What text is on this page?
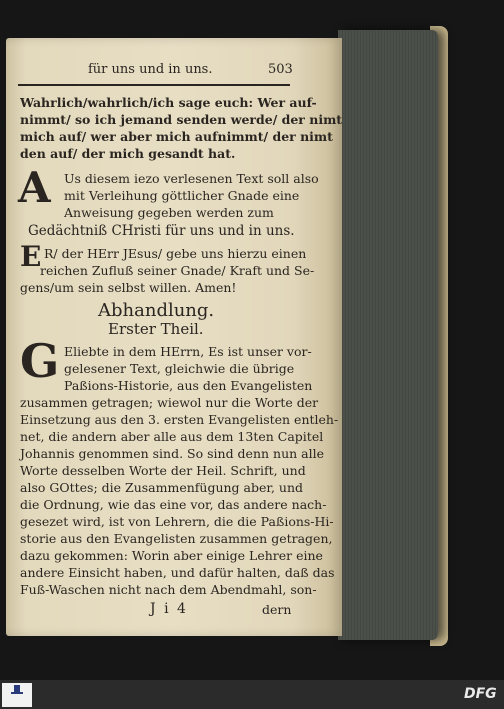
für uns und in uns.	503
Wahrlich/wahrlich/ich sage euch: Wer auf-
nimmt/ so ich jemand senden werde/ der nimt
mich auf/ wer aber mich aufnimmt/ der nimt
den auf/ der mich gesandt hat.
A Us diesem iezo verlesenen Text soll also
mit Verleihung göttlicher Gnade eine
Anweisung gegeben werden zum
Gedächtniß CHristi für uns und in uns.
E R/ der HErr JEsus/ gebe uns hierzu einen
reichen Zufluß seiner Gnade/ Kraft und Se-
gens/um sein selbst willen. Amen!
Abhandlung.
Erster Theil.
G Eliebte in dem HErrn, Es ist unser vor-
gelesener Text, gleichwie die übrige
Paßions-Historie, aus den Evangelisten
zusammen getragen; wiewol nur die Worte der
Einsetzung aus den 3. ersten Evangelisten entleh-
net, die andern aber alle aus dem 13ten Capitel
Johannis genommen sind. So sind denn nun alle
Worte desselben Worte der Heil. Schrift, und
also GOttes; die Zusammenfügung aber, und
die Ordnung, wie das eine vor, das andere nach-
gesezet wird, ist von Lehrern, die die Paßions-Hi-
storie aus den Evangelisten zusammen getragen,
dazu gekommen: Worin aber einige Lehrer eine
andere Einsicht haben, und dafür halten, daß das
Fuß-Waschen nicht nach dem Abendmahl, son-
J i 4	dern
DFG
